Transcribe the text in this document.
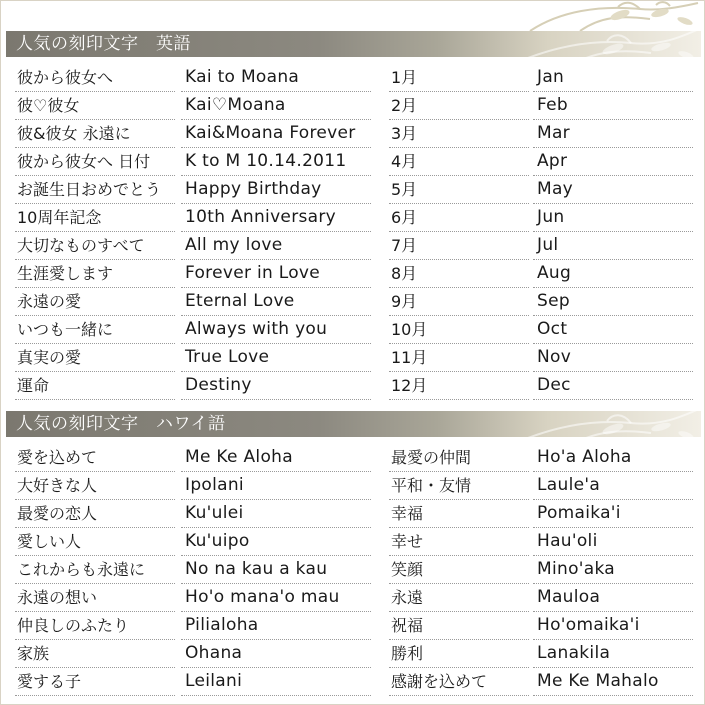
人気の刻印文字　英語
彼から彼女へ	Kai to Moana	1月	Jan
彼♡彼女	Kai♡Moana	2月	Feb
彼&彼女 永遠に	Kai&Moana Forever	3月	Mar
彼から彼女へ 日付	K to M 10.14.2011	4月	Apr
お誕生日おめでとう	Happy Birthday	5月	May
10周年記念	10th Anniversary	6月	Jun
大切なものすべて	All my love	7月	Jul
生涯愛します	Forever in Love	8月	Aug
永遠の愛	Eternal Love	9月	Sep
いつも一緒に	Always with you	10月	Oct
真実の愛	True Love	11月	Nov
運命	Destiny	12月	Dec
人気の刻印文字　ハワイ語
愛を込めて	Me Ke Aloha	最愛の仲間	Ho'a Aloha
大好きな人	Ipolani	平和・友情	Laule'a
最愛の恋人	Ku'ulei	幸福	Pomaika'i
愛しい人	Ku'uipo	幸せ	Hau'oli
これからも永遠に	No na kau a kau	笑顔	Mino'aka
永遠の想い	Ho'o mana'o mau	永遠	Mauloa
仲良しのふたり	Pilialoha	祝福	Ho'omaika'i
家族	Ohana	勝利	Lanakila
愛する子	Leilani	感謝を込めて	Me Ke Mahalo
